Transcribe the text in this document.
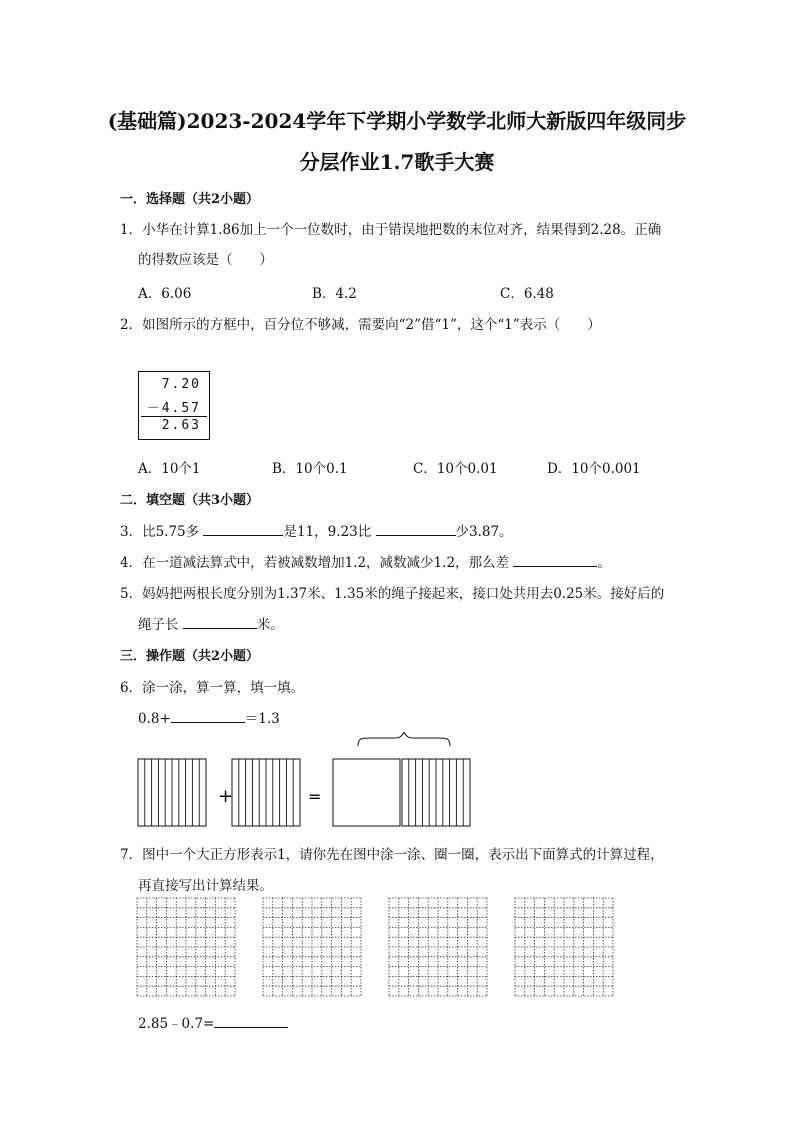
(基础篇)2023-2024学年下学期小学数学北师大新版四年级同步
分层作业1.7歌手大赛
一．选择题（共2小题）
1．小华在计算1.86加上一个一位数时，由于错误地把数的末位对齐，结果得到2.28。正确
的得数应该是（　　）
A．6.06	B．4.2	C．6.48
2．如图所示的方框中，百分位不够减，需要向“2”借“1”，这个“1”表示（　　）
7.20
－4.57
2.63
A．10个1	B．10个0.1	C．10个0.01	D．10个0.001
二．填空题（共3小题）
3．比5.75多	是11，9.23比	少3.87。
4．在一道减法算式中，若被减数增加1.2，减数减少1.2，那么差	。
5．妈妈把两根长度分别为1.37米、1.35米的绳子接起来，接口处共用去0.25米。接好后的
绳子长	米。
三．操作题（共2小题）
6．涂一涂，算一算，填一填。
0.8+	＝1.3
+	=
7．图中一个大正方形表示1，请你先在图中涂一涂、圈一圈，表示出下面算式的计算过程，
再直接写出计算结果。
2.85﹣0.7=
